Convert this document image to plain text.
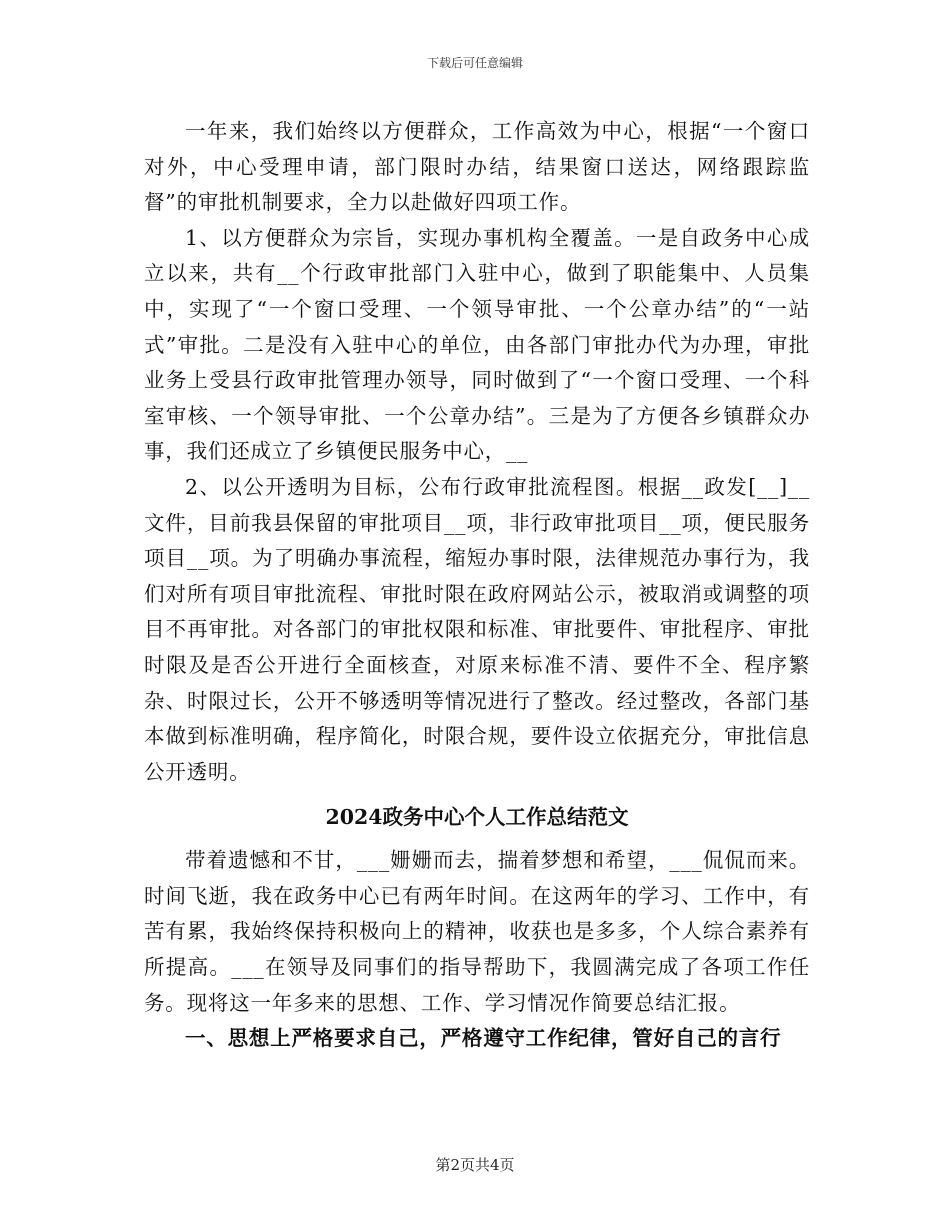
下载后可任意编辑

一年来，我们始终以方便群众，工作高效为中心，根据“一个窗口对外，中心受理申请，部门限时办结，结果窗口送达，网络跟踪监督”的审批机制要求，全力以赴做好四项工作。

1、以方便群众为宗旨，实现办事机构全覆盖。一是自政务中心成立以来，共有__个行政审批部门入驻中心，做到了职能集中、人员集中，实现了“一个窗口受理、一个领导审批、一个公章办结”的“一站式”审批。二是没有入驻中心的单位，由各部门审批办代为办理，审批业务上受县行政审批管理办领导，同时做到了“一个窗口受理、一个科室审核、一个领导审批、一个公章办结”。三是为了方便各乡镇群众办事，我们还成立了乡镇便民服务中心，__

2、以公开透明为目标，公布行政审批流程图。根据__政发[__]__文件，目前我县保留的审批项目__项，非行政审批项目__项，便民服务项目__项。为了明确办事流程，缩短办事时限，法律规范办事行为，我们对所有项目审批流程、审批时限在政府网站公示，被取消或调整的项目不再审批。对各部门的审批权限和标准、审批要件、审批程序、审批时限及是否公开进行全面核查，对原来标准不清、要件不全、程序繁杂、时限过长，公开不够透明等情况进行了整改。经过整改，各部门基本做到标准明确，程序简化，时限合规，要件设立依据充分，审批信息公开透明。

2024政务中心个人工作总结范文

带着遗憾和不甘，___姗姗而去，揣着梦想和希望，___侃侃而来。时间飞逝，我在政务中心已有两年时间。在这两年的学习、工作中，有苦有累，我始终保持积极向上的精神，收获也是多多，个人综合素养有所提高。___在领导及同事们的指导帮助下，我圆满完成了各项工作任务。现将这一年多来的思想、工作、学习情况作简要总结汇报。

一、思想上严格要求自己，严格遵守工作纪律，管好自己的言行

第2页共4页
